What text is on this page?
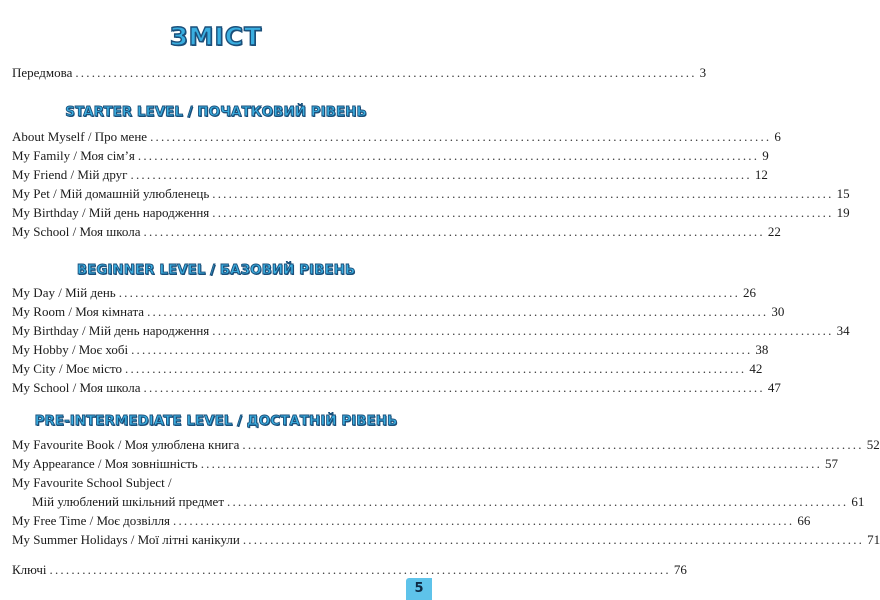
ЗМІСТ
Передмова .................................................................................................................. 3
STARTER LEVEL / ПОЧАТКОВИЙ РІВЕНЬ
About Myself / Про мене .................................................................................................................. 6
My Family / Моя сім’я .................................................................................................................. 9
My Friend / Мій друг .................................................................................................................. 12
My Pet / Мій домашній улюбленець .................................................................................................................. 15
My Birthday / Мій день народження .................................................................................................................. 19
My School / Моя школа .................................................................................................................. 22
BEGINNER LEVEL / БАЗОВИЙ РІВЕНЬ
My Day / Мій день .................................................................................................................. 26
My Room / Моя кімната .................................................................................................................. 30
My Birthday / Мій день народження .................................................................................................................. 34
My Hobby / Моє хобі .................................................................................................................. 38
My City / Моє місто .................................................................................................................. 42
My School / Моя школа .................................................................................................................. 47
PRE-INTERMEDIATE LEVEL / ДОСТАТНІЙ РІВЕНЬ
My Favourite Book / Моя улюблена книга .................................................................................................................. 52
My Appearance / Моя зовнішність .................................................................................................................. 57
My Favourite School Subject /
Мій улюблений шкільний предмет .................................................................................................................. 61
My Free Time / Моє дозвілля .................................................................................................................. 66
My Summer Holidays / Мої літні канікули .................................................................................................................. 71
Ключі .................................................................................................................. 76
5
